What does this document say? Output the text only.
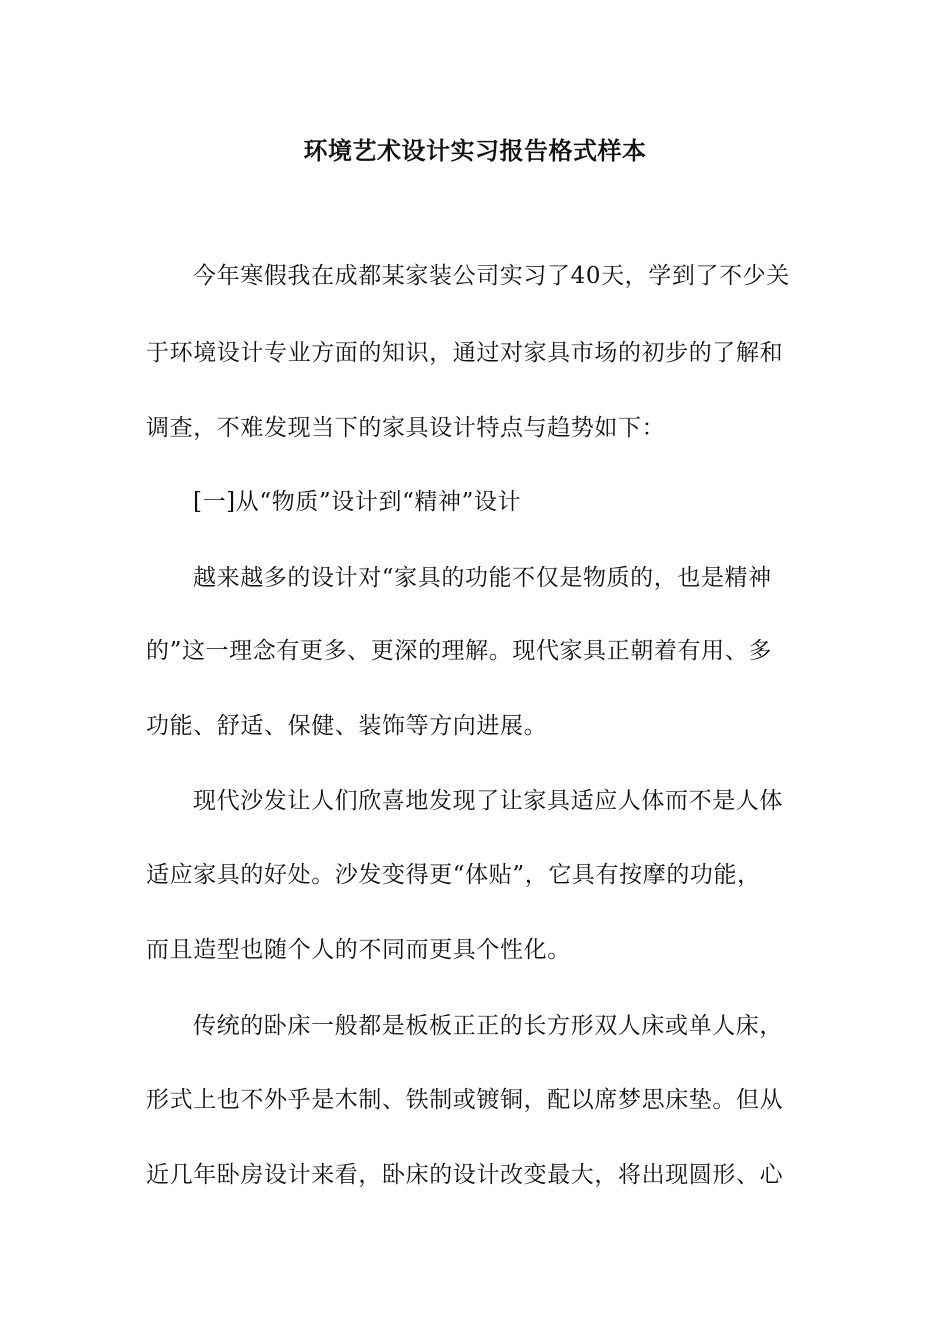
环境艺术设计实习报告格式样本
今年寒假我在成都某家装公司实习了40天，学到了不少关
于环境设计专业方面的知识，通过对家具市场的初步的了解和
调查，不难发现当下的家具设计特点与趋势如下：
[一]从“物质”设计到“精神”设计
越来越多的设计对“家具的功能不仅是物质的，也是精神
的”这一理念有更多、更深的理解。现代家具正朝着有用、多
功能、舒适、保健、装饰等方向进展。
现代沙发让人们欣喜地发现了让家具适应人体而不是人体
适应家具的好处。沙发变得更“体贴”，它具有按摩的功能，
而且造型也随个人的不同而更具个性化。
传统的卧床一般都是板板正正的长方形双人床或单人床，
形式上也不外乎是木制、铁制或镀铜，配以席梦思床垫。但从
近几年卧房设计来看，卧床的设计改变最大，将出现圆形、心
